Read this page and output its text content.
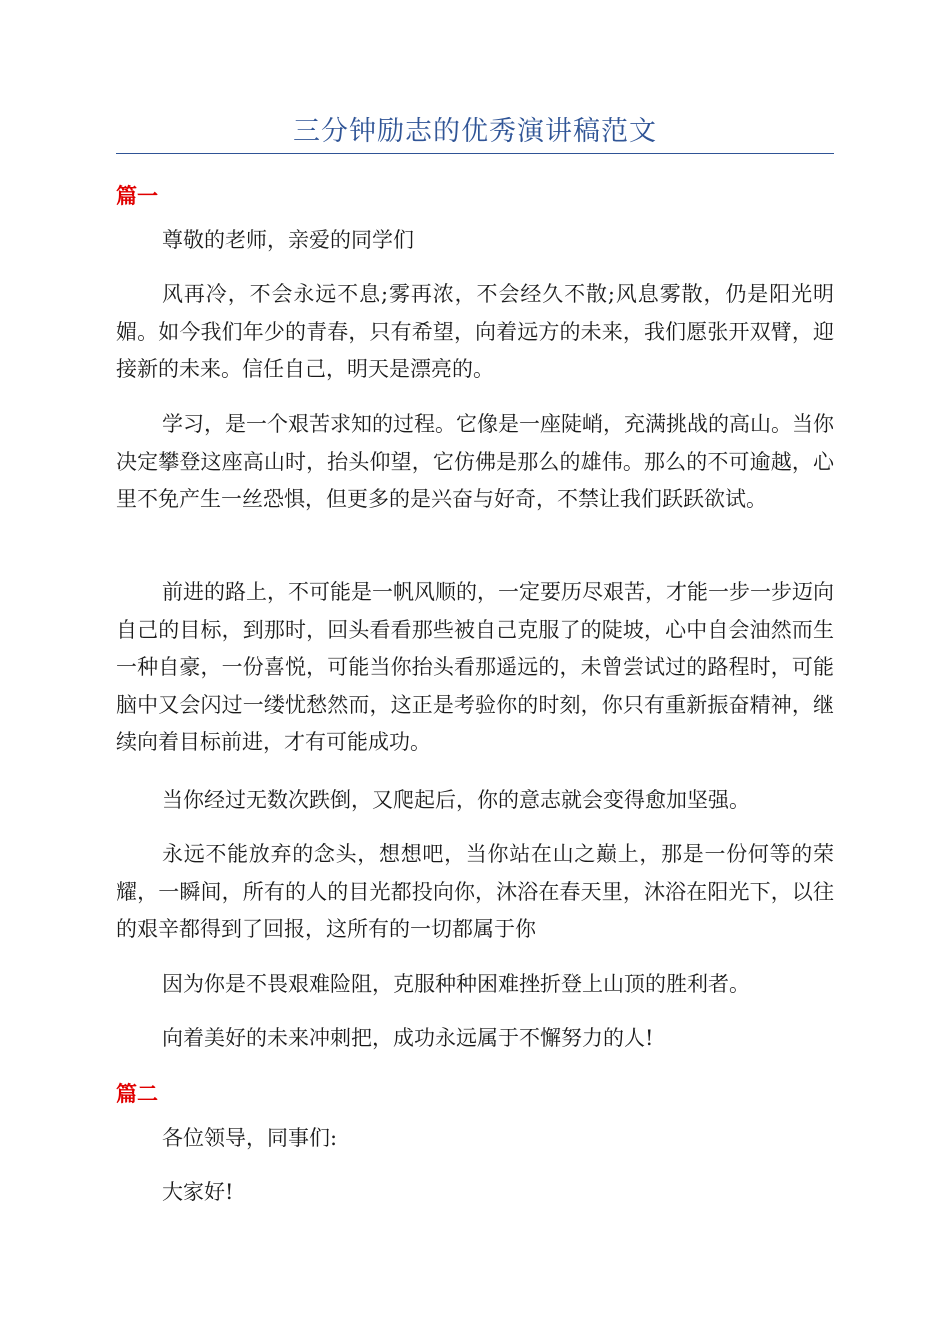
三分钟励志的优秀演讲稿范文
篇一

尊敬的老师，亲爱的同学们

风再冷，不会永远不息;雾再浓，不会经久不散;风息雾散，仍是阳光明媚。如今我们年少的青春，只有希望，向着远方的未来，我们愿张开双臂，迎接新的未来。信任自己，明天是漂亮的。

学习，是一个艰苦求知的过程。它像是一座陡峭，充满挑战的高山。当你决定攀登这座高山时，抬头仰望，它仿佛是那么的雄伟。那么的不可逾越，心里不免产生一丝恐惧，但更多的是兴奋与好奇，不禁让我们跃跃欲试。

前进的路上，不可能是一帆风顺的，一定要历尽艰苦，才能一步一步迈向自己的目标，到那时，回头看看那些被自己克服了的陡坡，心中自会油然而生一种自豪，一份喜悦，可能当你抬头看那遥远的，未曾尝试过的路程时，可能脑中又会闪过一缕忧愁然而，这正是考验你的时刻，你只有重新振奋精神，继续向着目标前进，才有可能成功。

当你经过无数次跌倒，又爬起后，你的意志就会变得愈加坚强。

永远不能放弃的念头，想想吧，当你站在山之巅上，那是一份何等的荣耀，一瞬间，所有的人的目光都投向你，沐浴在春天里，沐浴在阳光下，以往的艰辛都得到了回报，这所有的一切都属于你

因为你是不畏艰难险阻，克服种种困难挫折登上山顶的胜利者。

向着美好的未来冲刺把，成功永远属于不懈努力的人!

篇二

各位领导，同事们:

大家好!
